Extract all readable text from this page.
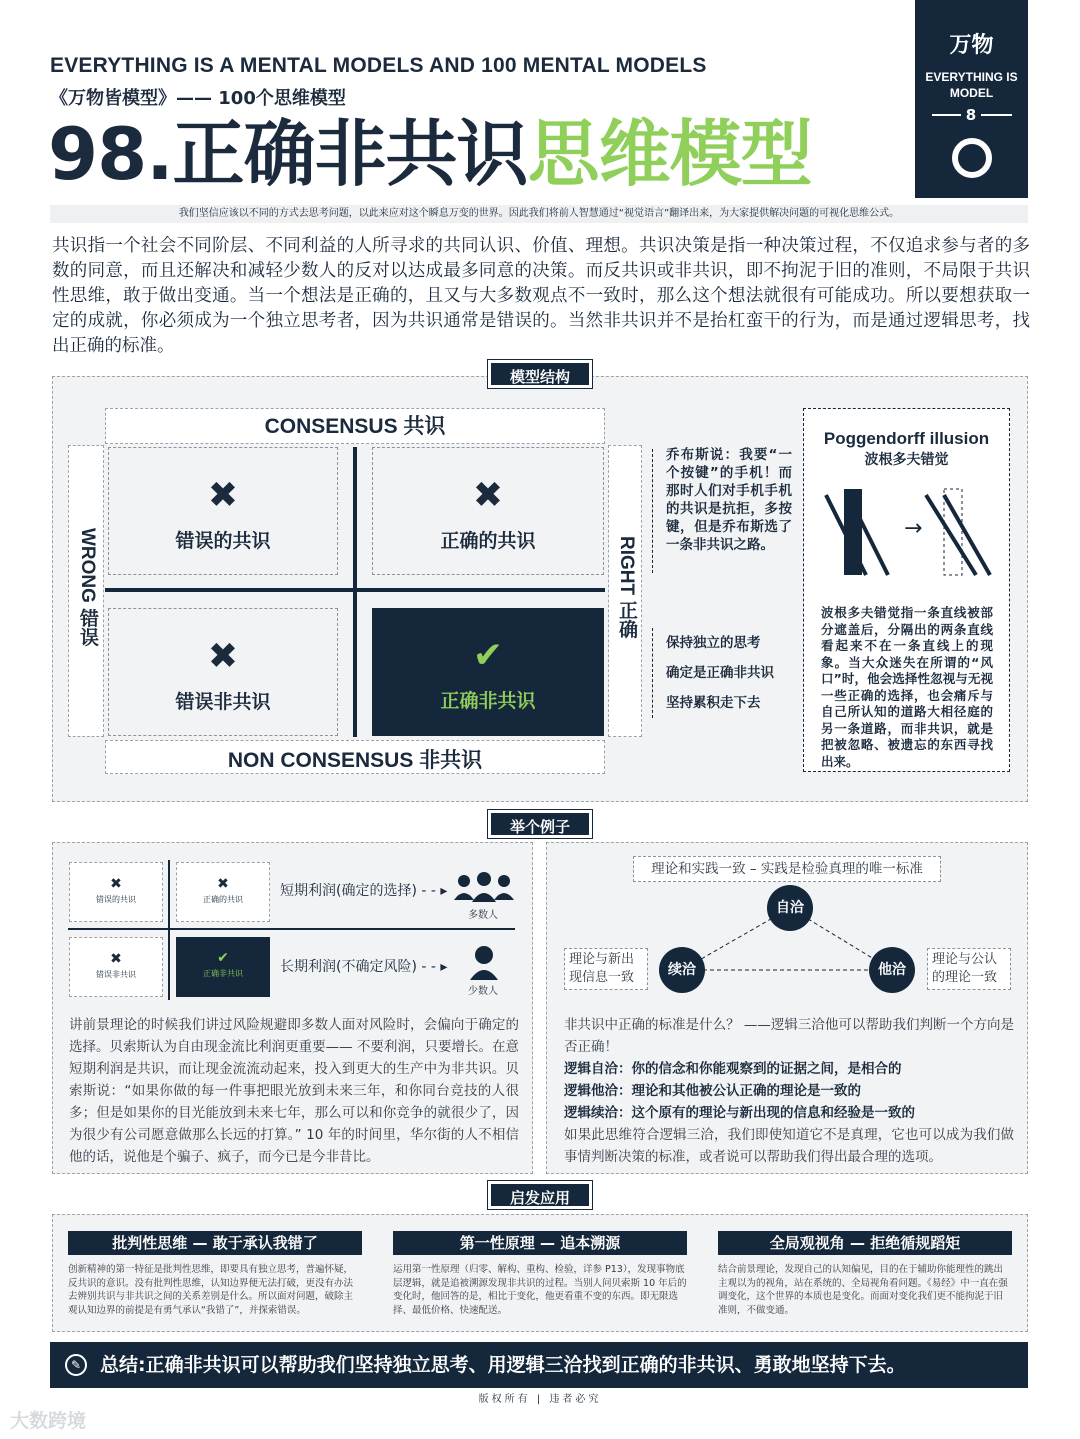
EVERYTHING IS A MENTAL MODELS AND 100 MENTAL MODELS
《万物皆模型》—— 100个思维模型
98.正确非共识思维模型
万物
EVERYTHING IS MODEL
8
我们坚信应该以不同的方式去思考问题，以此来应对这个瞬息万变的世界。因此我们将前人智慧通过“视觉语言”翻译出来，为大家提供解决问题的可视化思维公式。
共识指一个社会不同阶层、不同利益的人所寻求的共同认识、价值、理想。共识决策是指一种决策过程，不仅追求参与者的多数的同意，而且还解决和减轻少数人的反对以达成最多同意的决策。而反共识或非共识，即不拘泥于旧的准则，不局限于共识性思维，敢于做出变通。当一个想法是正确的，且又与大多数观点不一致时，那么这个想法就很有可能成功。所以要想获取一定的成就，你必须成为一个独立思考者，因为共识通常是错误的。当然非共识并不是抬杠蛮干的行为，而是通过逻辑思考，找出正确的标准。
模型结构
CONSENSUS 共识
NON CONSENSUS 非共识
WRONG 错误	RIGHT 正确
✖
错误的共识
✖
正确的共识
✖
错误非共识
✔
正确非共识
乔布斯说：我要“一个按键”的手机！而那时人们对手机手机的共识是抗拒，多按键，但是乔布斯选了一条非共识之路。
保持独立的思考
确定是正确非共识
坚持累积走下去
Poggendorff illusion
波根多夫错觉
→
波根多夫错觉指一条直线被部分遮盖后，分隔出的两条直线看起来不在一条直线上的现象。当大众迷失在所谓的“风口”时，他会选择性忽视与无视一些正确的选择，也会痛斥与自己所认知的道路大相径庭的另一条道路，而非共识，就是把被忽略、被遗忘的东西寻找出来。
举个例子
✖
错误的共识
✖
正确的共识
✖
错误非共识
✔
正确非共识
短期利润(确定的选择) - - ▸
长期利润(不确定风险) - - ▸
多数人
少数人
讲前景理论的时候我们讲过风险规避即多数人面对风险时，会偏向于确定的选择。贝索斯认为自由现金流比利润更重要—— 不要利润，只要增长。在意短期利润是共识，而让现金流流动起来，投入到更大的生产中为非共识。贝索斯说：“如果你做的每一件事把眼光放到未来三年，和你同台竞技的人很多；但是如果你的目光能放到未来七年，那么可以和你竞争的就很少了，因为很少有公司愿意做那么长远的打算。” 10 年的时间里，华尔街的人不相信他的话，说他是个骗子、疯子，而今已是今非昔比。
理论和实践一致 – 实践是检验真理的唯一标准
自洽
续洽	他洽
理论与新出现信息一致
理论与公认的理论一致
非共识中正确的标准是什么？ ——逻辑三洽他可以帮助我们判断一个方向是否正确！
逻辑自洽：你的信念和你能观察到的证据之间，是相合的
逻辑他洽：理论和其他被公认正确的理论是一致的
逻辑续洽：这个原有的理论与新出现的信息和经验是一致的
如果此思维符合逻辑三洽，我们即使知道它不是真理，它也可以成为我们做事情判断决策的标准，或者说可以帮助我们得出最合理的选项。
启发应用
批判性思维 — 敢于承认我错了
创新精神的第一特征是批判性思维，即要具有独立思考，普遍怀疑，反共识的意识。没有批判性思维，认知边界便无法打破，更没有办法去辨别共识与非共识之间的关系差别是什么。所以面对问题，破除主观认知边界的前提是有勇气承认“我错了”，并探索错误。
第一性原理 — 追本溯源
运用第一性原理（归零、解构、重构、检验，详参 P13），发现事物底层逻辑，就是追被溯源发现非共识的过程。当别人问贝索斯 10 年后的变化时，他回答的是，相比于变化，他更看重不变的东西。即无限选择、最低价格、快速配送。
全局观视角 — 拒绝循规蹈矩
结合前景理论，发现自己的认知偏见，目的在于辅助你能理性的跳出主观以为的视角，站在系统的、全局视角看问题。《易经》中一直在强调变化，这个世界的本质也是变化。而面对变化我们更不能拘泥于旧准则，不做变通。
✎ 总结:正确非共识可以帮助我们坚持独立思考、用逻辑三洽找到正确的非共识、勇敢地坚持下去。
版权所有 | 违者必究
大数跨境
